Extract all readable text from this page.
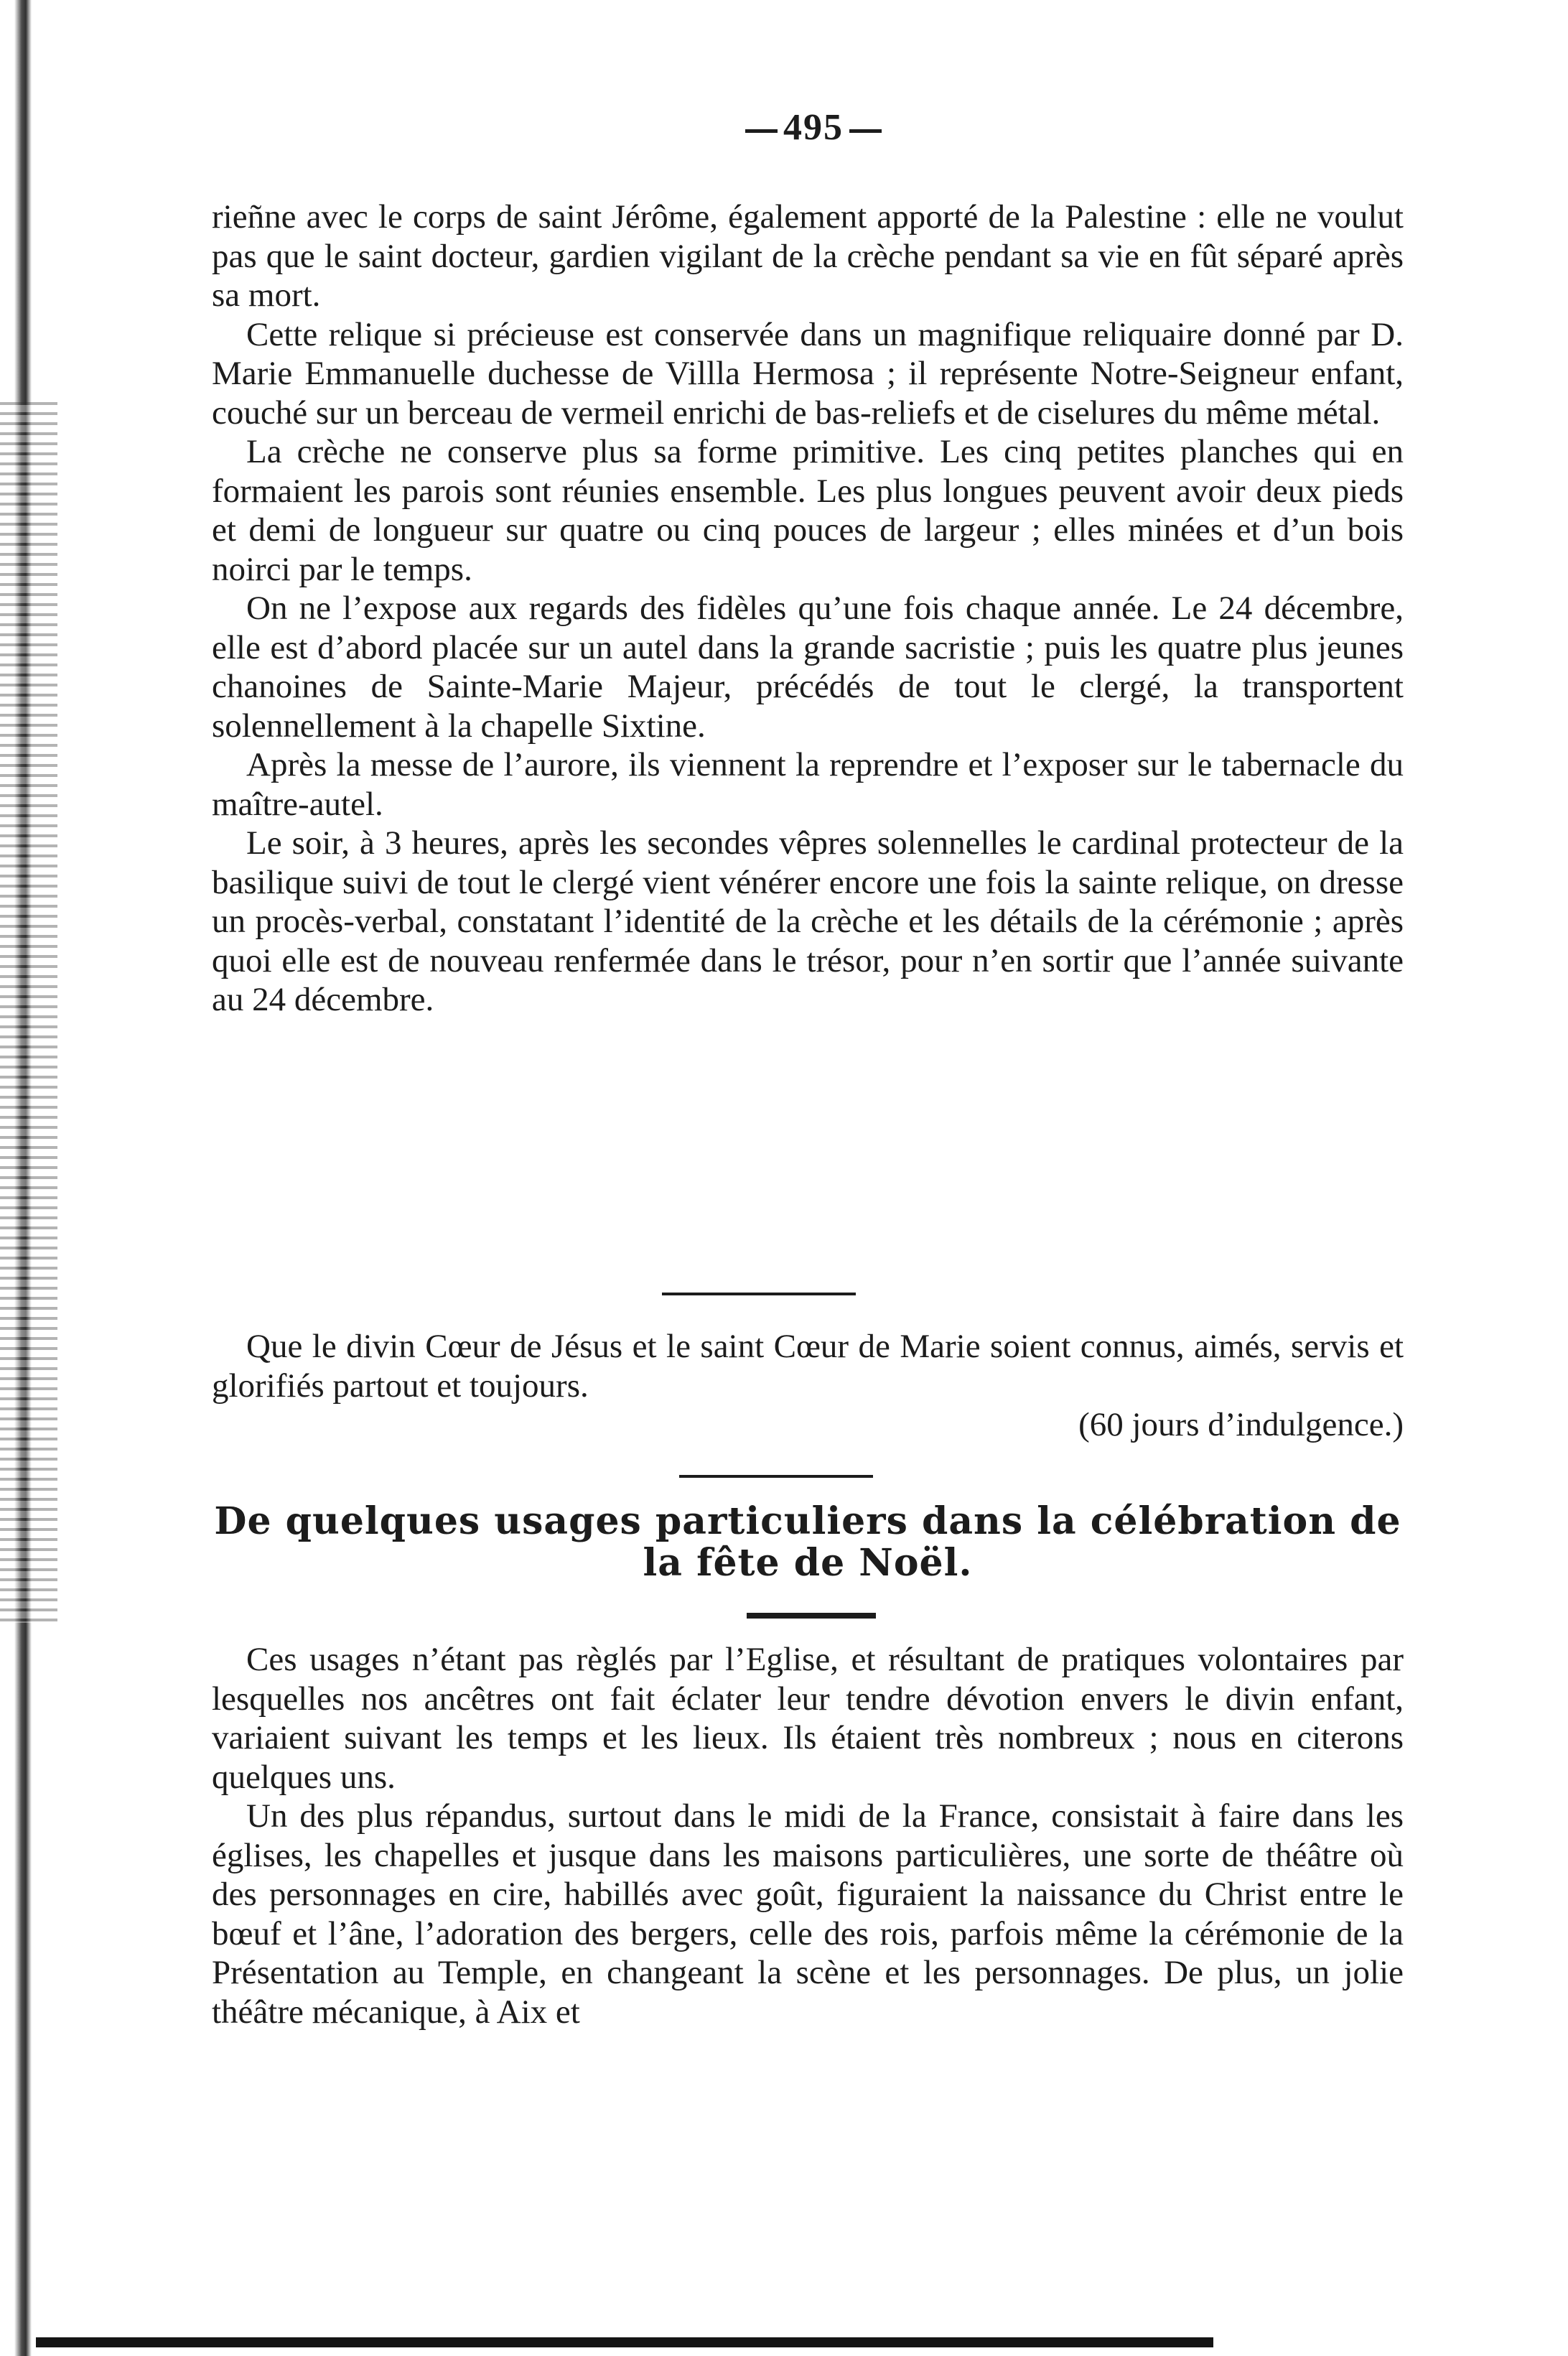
495

rieñne avec le corps de saint Jérôme, également apporté de la Palestine : elle ne voulut pas que le saint docteur, gardien vigilant de la crèche pendant sa vie en fût séparé après sa mort.

Cette relique si précieuse est conservée dans un magnifique reliquaire donné par D. Marie Emmanuelle duchesse de Villla Hermosa ; il représente Notre-Seigneur enfant, couché sur un berceau de vermeil enrichi de bas-reliefs et de ciselures du même métal.

La crèche ne conserve plus sa forme primitive. Les cinq petites planches qui en formaient les parois sont réunies ensemble. Les plus longues peuvent avoir deux pieds et demi de longueur sur quatre ou cinq pouces de largeur ; elles minées et d’un bois noirci par le temps.

On ne l’expose aux regards des fidèles qu’une fois chaque année. Le 24 décembre, elle est d’abord placée sur un autel dans la grande sacristie ; puis les quatre plus jeunes chanoines de Sainte-Marie Majeur, précédés de tout le clergé, la transportent solennellement à la chapelle Sixtine.

Après la messe de l’aurore, ils viennent la reprendre et l’exposer sur le tabernacle du maître-autel.

Le soir, à 3 heures, après les secondes vêpres solennelles le cardinal protecteur de la basilique suivi de tout le clergé vient vénérer encore une fois la sainte relique, on dresse un procès-verbal, constatant l’identité de la crèche et les détails de la cérémonie ; après quoi elle est de nouveau renfermée dans le trésor, pour n’en sortir que l’année suivante au 24 décembre.

Que le divin Cœur de Jésus et le saint Cœur de Marie soient connus, aimés, servis et glorifiés partout et toujours.

(60 jours d’indulgence.)

De quelques usages particuliers dans la célébration de la fête de Noël.

Ces usages n’étant pas règlés par l’Eglise, et résultant de pratiques volontaires par lesquelles nos ancêtres ont fait éclater leur tendre dévotion envers le divin enfant, variaient suivant les temps et les lieux. Ils étaient très nombreux ; nous en citerons quelques uns.

Un des plus répandus, surtout dans le midi de la France, consistait à faire dans les églises, les chapelles et jusque dans les maisons particulières, une sorte de théâtre où des personnages en cire, habillés avec goût, figuraient la naissance du Christ entre le bœuf et l’âne, l’adoration des bergers, celle des rois, parfois même la cérémonie de la Présentation au Temple, en changeant la scène et les personnages. De plus, un jolie théâtre mécanique, à Aix et
